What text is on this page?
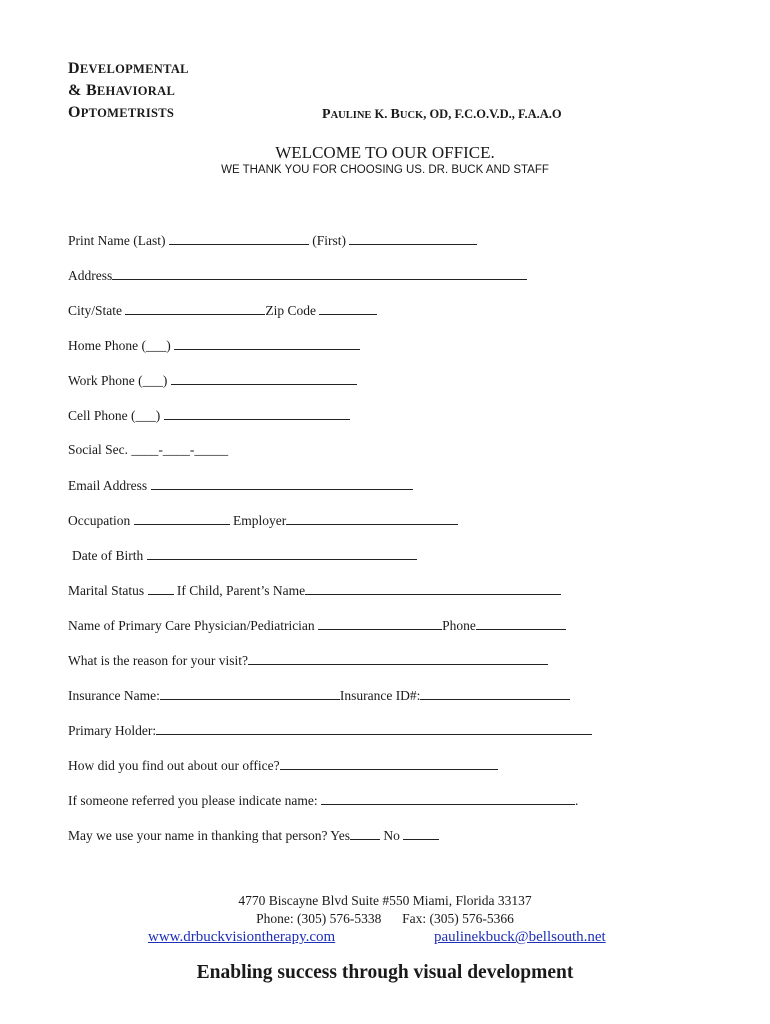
DEVELOPMENTAL
& BEHAVIORAL
OPTOMETRISTS	PAULINE K. BUCK, OD, F.C.O.V.D., F.A.A.O
WELCOME TO OUR OFFICE.
WE THANK YOU FOR CHOOSING US. DR. BUCK AND STAFF
Print Name (Last)	(First)
Address
City/State	Zip Code
Home Phone (___)
Work Phone (___)
Cell Phone (___)
Social Sec. ____-____-_____
Email Address
Occupation	Employer
Date of Birth
Marital Status If Child, Parent’s Name
Name of Primary Care Physician/Pediatrician	Phone
What is the reason for your visit?
Insurance Name:	Insurance ID#:
Primary Holder:
How did you find out about our office?
If someone referred you please indicate name:	.
May we use your name in thanking that person? Yes No
4770 Biscayne Blvd Suite #550 Miami, Florida 33137
Phone: (305) 576-5338 Fax: (305) 576-5366
www.drbuckvisiontherapy.com	paulinekbuck@bellsouth.net
Enabling success through visual development
